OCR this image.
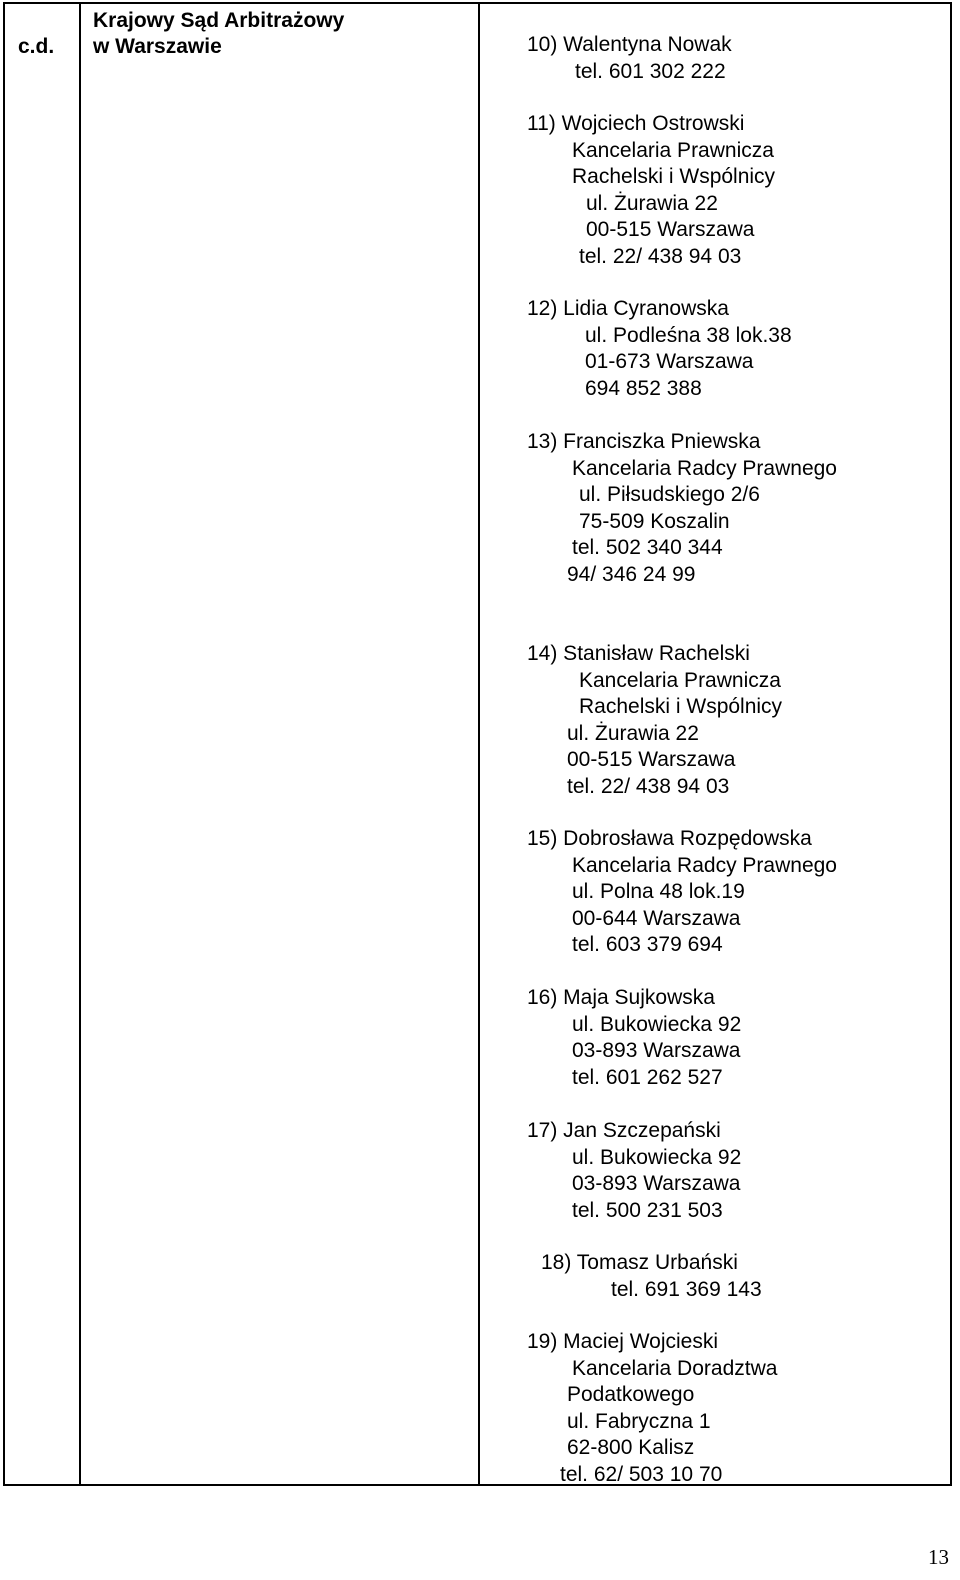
c.d.
Krajowy Sąd Arbitrażowy
w Warszawie	10) Walentyna Nowak
tel. 601 302 222
11) Wojciech Ostrowski
Kancelaria Prawnicza
Rachelski i Wspólnicy
ul. Żurawia 22
00-515 Warszawa
tel. 22/ 438 94 03
12) Lidia Cyranowska
ul. Podleśna 38 lok.38
01-673 Warszawa
694 852 388
13) Franciszka Pniewska
Kancelaria Radcy Prawnego
ul. Piłsudskiego 2/6
75-509 Koszalin
tel. 502 340 344
94/ 346 24 99
14) Stanisław Rachelski
Kancelaria Prawnicza
Rachelski i Wspólnicy
ul. Żurawia 22
00-515 Warszawa
tel. 22/ 438 94 03
15) Dobrosława Rozpędowska
Kancelaria Radcy Prawnego
ul. Polna 48 lok.19
00-644 Warszawa
tel. 603 379 694
16) Maja Sujkowska
ul. Bukowiecka 92
03-893 Warszawa
tel. 601 262 527
17) Jan Szczepański
ul. Bukowiecka 92
03-893 Warszawa
tel. 500 231 503
18) Tomasz Urbański
tel. 691 369 143
19) Maciej Wojcieski
Kancelaria Doradztwa
Podatkowego
ul. Fabryczna 1
62-800 Kalisz
tel. 62/ 503 10 70
13
